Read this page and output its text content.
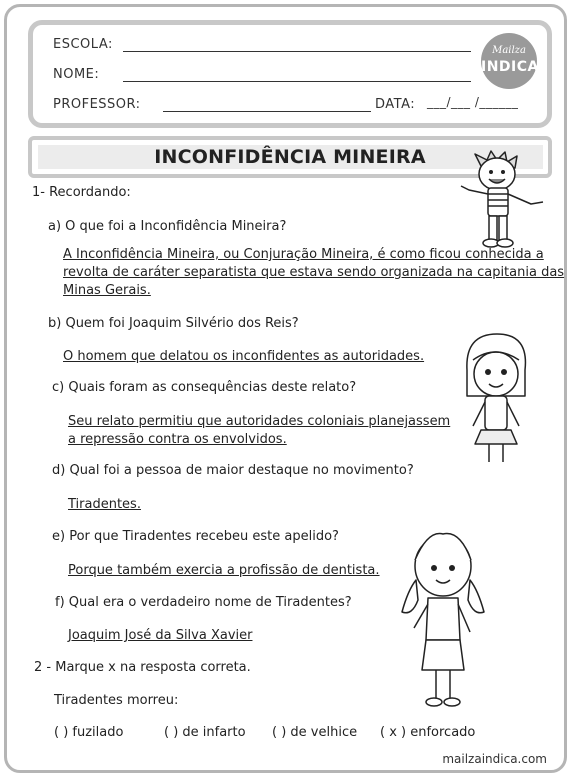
ESCOLA:
NOME:
PROFESSOR:	DATA: ___/___ /______
Mailza
INDICA
INCONFIDÊNCIA MINEIRA
1- Recordando:
a) O que foi a Inconfidência Mineira?
A Inconfidência Mineira, ou Conjuração Mineira, é como ficou conhecida a
revolta de caráter separatista que estava sendo organizada na capitania das
Minas Gerais.
b) Quem foi Joaquim Silvério dos Reis?
O homem que delatou os inconfidentes as autoridades.
c) Quais foram as consequências deste relato?
Seu relato permitiu que autoridades coloniais planejassem
a repressão contra os envolvidos.
d) Qual foi a pessoa de maior destaque no movimento?
Tiradentes.
e) Por que Tiradentes recebeu este apelido?
Porque também exercia a profissão de dentista.
f) Qual era o verdadeiro nome de Tiradentes?
Joaquim José da Silva Xavier
2 - Marque x na resposta correta.
Tiradentes morreu:
( ) fuzilado	( ) de infarto ( ) de velhice ( x ) enforcado
mailzaindica.com
